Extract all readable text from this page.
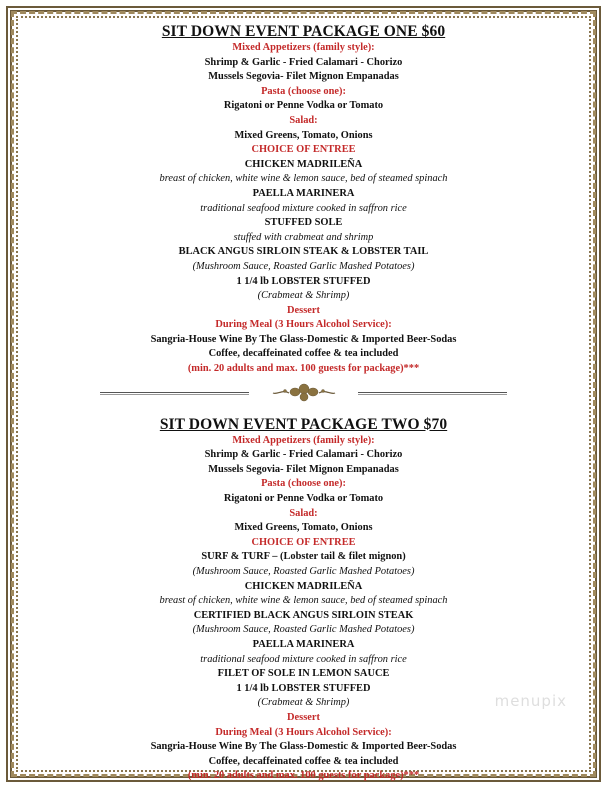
SIT DOWN EVENT PACKAGE ONE $60
Mixed Appetizers (family style):
Shrimp & Garlic - Fried Calamari - Chorizo
Mussels Segovia- Filet Mignon Empanadas
Pasta (choose one):
Rigatoni or Penne Vodka or Tomato
Salad:
Mixed Greens, Tomato, Onions
CHOICE OF ENTREE
CHICKEN MADRILEÑA
breast of chicken, white wine & lemon sauce, bed of steamed spinach
PAELLA MARINERA
traditional seafood mixture cooked in saffron rice
STUFFED SOLE
stuffed with crabmeat and shrimp
BLACK ANGUS SIRLOIN STEAK & LOBSTER TAIL
(Mushroom Sauce, Roasted Garlic Mashed Potatoes)
1 1/4 lb LOBSTER STUFFED
(Crabmeat & Shrimp)
Dessert
During Meal (3 Hours Alcohol Service):
Sangria-House Wine By The Glass-Domestic & Imported Beer-Sodas
Coffee, decaffeinated coffee & tea included
(min. 20 adults and max. 100 guests for package)***
SIT DOWN EVENT PACKAGE TWO $70
Mixed Appetizers (family style):
Shrimp & Garlic - Fried Calamari - Chorizo
Mussels Segovia- Filet Mignon Empanadas
Pasta (choose one):
Rigatoni or Penne Vodka or Tomato
Salad:
Mixed Greens, Tomato, Onions
CHOICE OF ENTREE
SURF & TURF – (Lobster tail & filet mignon)
(Mushroom Sauce, Roasted Garlic Mashed Potatoes)
CHICKEN MADRILEÑA
breast of chicken, white wine & lemon sauce, bed of steamed spinach
CERTIFIED BLACK ANGUS SIRLOIN STEAK
(Mushroom Sauce, Roasted Garlic Mashed Potatoes)
PAELLA MARINERA
traditional seafood mixture cooked in saffron rice
FILET OF SOLE IN LEMON SAUCE
1 1/4 lb LOBSTER STUFFED
(Crabmeat & Shrimp)
Dessert
During Meal (3 Hours Alcohol Service):
Sangria-House Wine By The Glass-Domestic & Imported Beer-Sodas
Coffee, decaffeinated coffee & tea included
(min. 20 adults and max. 100 guests for package)***
menupix
